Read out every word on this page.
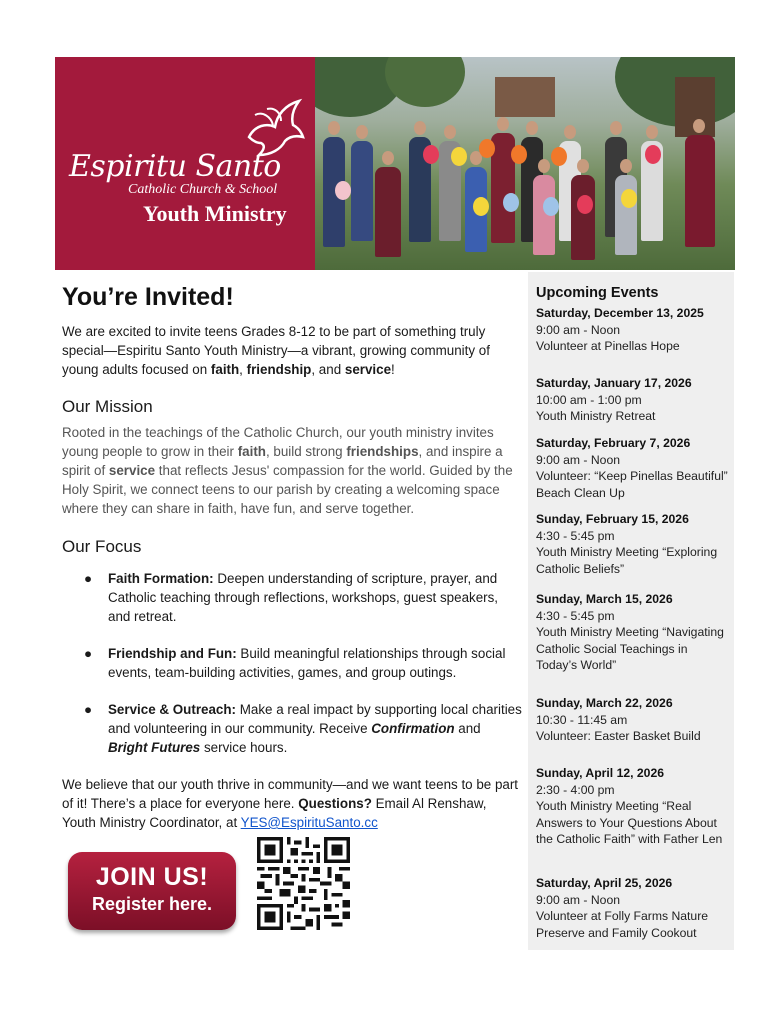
Espiritu Santo
Catholic Church & School
Youth Ministry
You’re Invited!

We are excited to invite teens Grades 8-12 to be part of something truly special—Espiritu Santo Youth Ministry—a vibrant, growing community of young adults focused on faith, friendship, and service!

Our Mission

Rooted in the teachings of the Catholic Church, our youth ministry invites young people to grow in their faith, build strong friendships, and inspire a spirit of service that reflects Jesus' compassion for the world. Guided by the Holy Spirit, we connect teens to our parish by creating a welcoming space where they can share in faith, have fun, and serve together.

Our Focus
● Faith Formation: Deepen understanding of scripture, prayer, and Catholic teaching through reflections, workshops, guest speakers, and retreat.
● Friendship and Fun: Build meaningful relationships through social events, team-building activities, games, and group outings.
● Service & Outreach: Make a real impact by supporting local charities and volunteering in our community. Receive Confirmation and Bright Futures service hours.

We believe that our youth thrive in community—and we want teens to be part of it! There’s a place for everyone here. Questions? Email Al Renshaw, Youth Ministry Coordinator, at YES@EspirituSanto.cc

JOIN US!
Register here.
Upcoming Events
Saturday, December 13, 2025
9:00 am - Noon
Volunteer at Pinellas Hope
Saturday, January 17, 2026
10:00 am - 1:00 pm
Youth Ministry Retreat
Saturday, February 7, 2026
9:00 am - Noon
Volunteer: “Keep Pinellas Beautiful” Beach Clean Up
Sunday, February 15, 2026
4:30 - 5:45 pm
Youth Ministry Meeting “Exploring Catholic Beliefs”
Sunday, March 15, 2026
4:30 - 5:45 pm
Youth Ministry Meeting “Navigating Catholic Social Teachings in Today’s World”
Sunday, March 22, 2026
10:30 - 11:45 am
Volunteer: Easter Basket Build
Sunday, April 12, 2026
2:30 - 4:00 pm
Youth Ministry Meeting “Real Answers to Your Questions About the Catholic Faith” with Father Len
Saturday, April 25, 2026
9:00 am - Noon
Volunteer at Folly Farms Nature Preserve and Family Cookout
